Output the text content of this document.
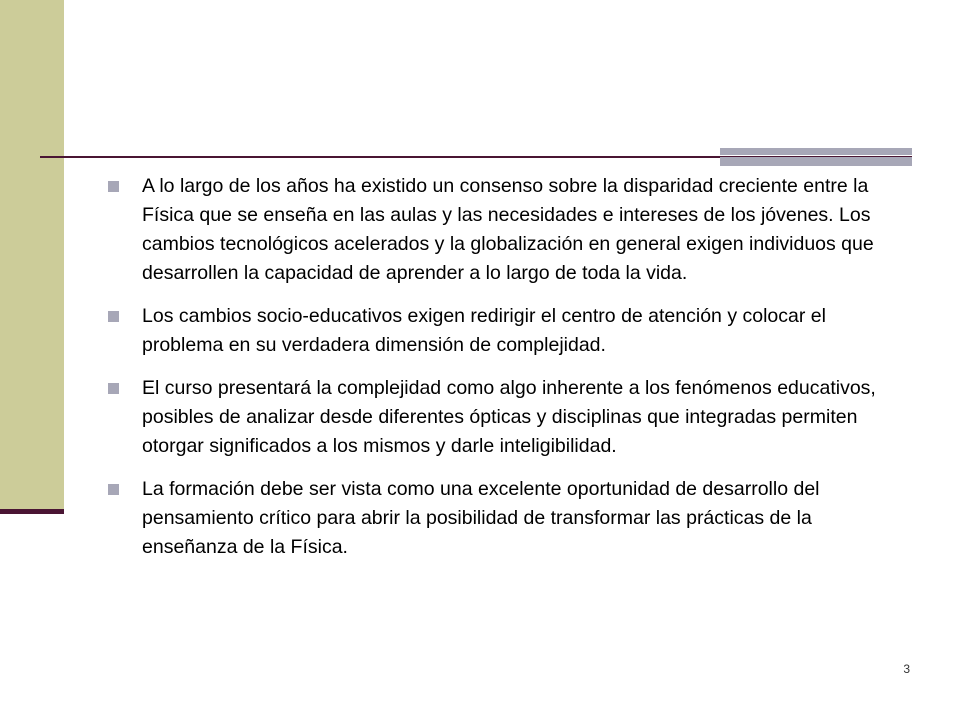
A lo largo de los años ha existido un consenso sobre la disparidad creciente entre la Física que se enseña en las aulas y las necesidades e intereses de los jóvenes. Los cambios tecnológicos acelerados y la globalización en general exigen individuos que desarrollen la capacidad de aprender a lo largo de toda la vida.
Los cambios socio-educativos exigen redirigir el centro de atención y colocar el problema en su verdadera dimensión de complejidad.
El curso presentará la complejidad como algo inherente a los fenómenos educativos, posibles de analizar desde diferentes ópticas y disciplinas que integradas permiten otorgar significados a los mismos y darle inteligibilidad.
La formación debe ser vista como una excelente oportunidad de desarrollo del pensamiento crítico para abrir la posibilidad de transformar las prácticas de la enseñanza de la Física.
3
